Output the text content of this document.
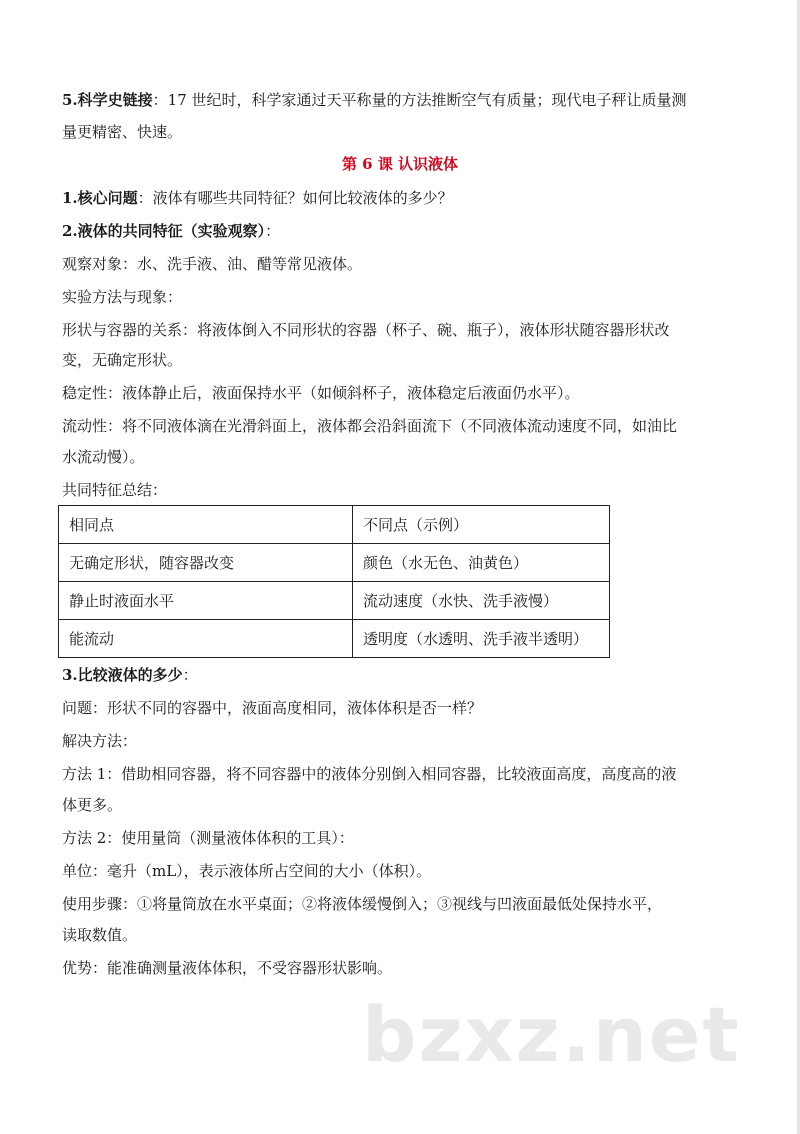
5.科学史链接：17 世纪时，科学家通过天平称量的方法推断空气有质量；现代电子秤让质量测
量更精密、快速。
第 6 课 认识液体
1.核心问题：液体有哪些共同特征？如何比较液体的多少？
2.液体的共同特征（实验观察）：
观察对象：水、洗手液、油、醋等常见液体。
实验方法与现象：
形状与容器的关系：将液体倒入不同形状的容器（杯子、碗、瓶子），液体形状随容器形状改
变，无确定形状。
稳定性：液体静止后，液面保持水平（如倾斜杯子，液体稳定后液面仍水平）。
流动性：将不同液体滴在光滑斜面上，液体都会沿斜面流下（不同液体流动速度不同，如油比
水流动慢）。
共同特征总结：
相同点	不同点（示例）
无确定形状，随容器改变	颜色（水无色、油黄色）
静止时液面水平	流动速度（水快、洗手液慢）
能流动	透明度（水透明、洗手液半透明）
3.比较液体的多少：
问题：形状不同的容器中，液面高度相同，液体体积是否一样？
解决方法：
方法 1：借助相同容器，将不同容器中的液体分别倒入相同容器，比较液面高度，高度高的液
体更多。
方法 2：使用量筒（测量液体体积的工具）：
单位：毫升（mL），表示液体所占空间的大小（体积）。
使用步骤：①将量筒放在水平桌面；②将液体缓慢倒入；③视线与凹液面最低处保持水平，
读取数值。
优势：能准确测量液体体积，不受容器形状影响。
bzxz.net
